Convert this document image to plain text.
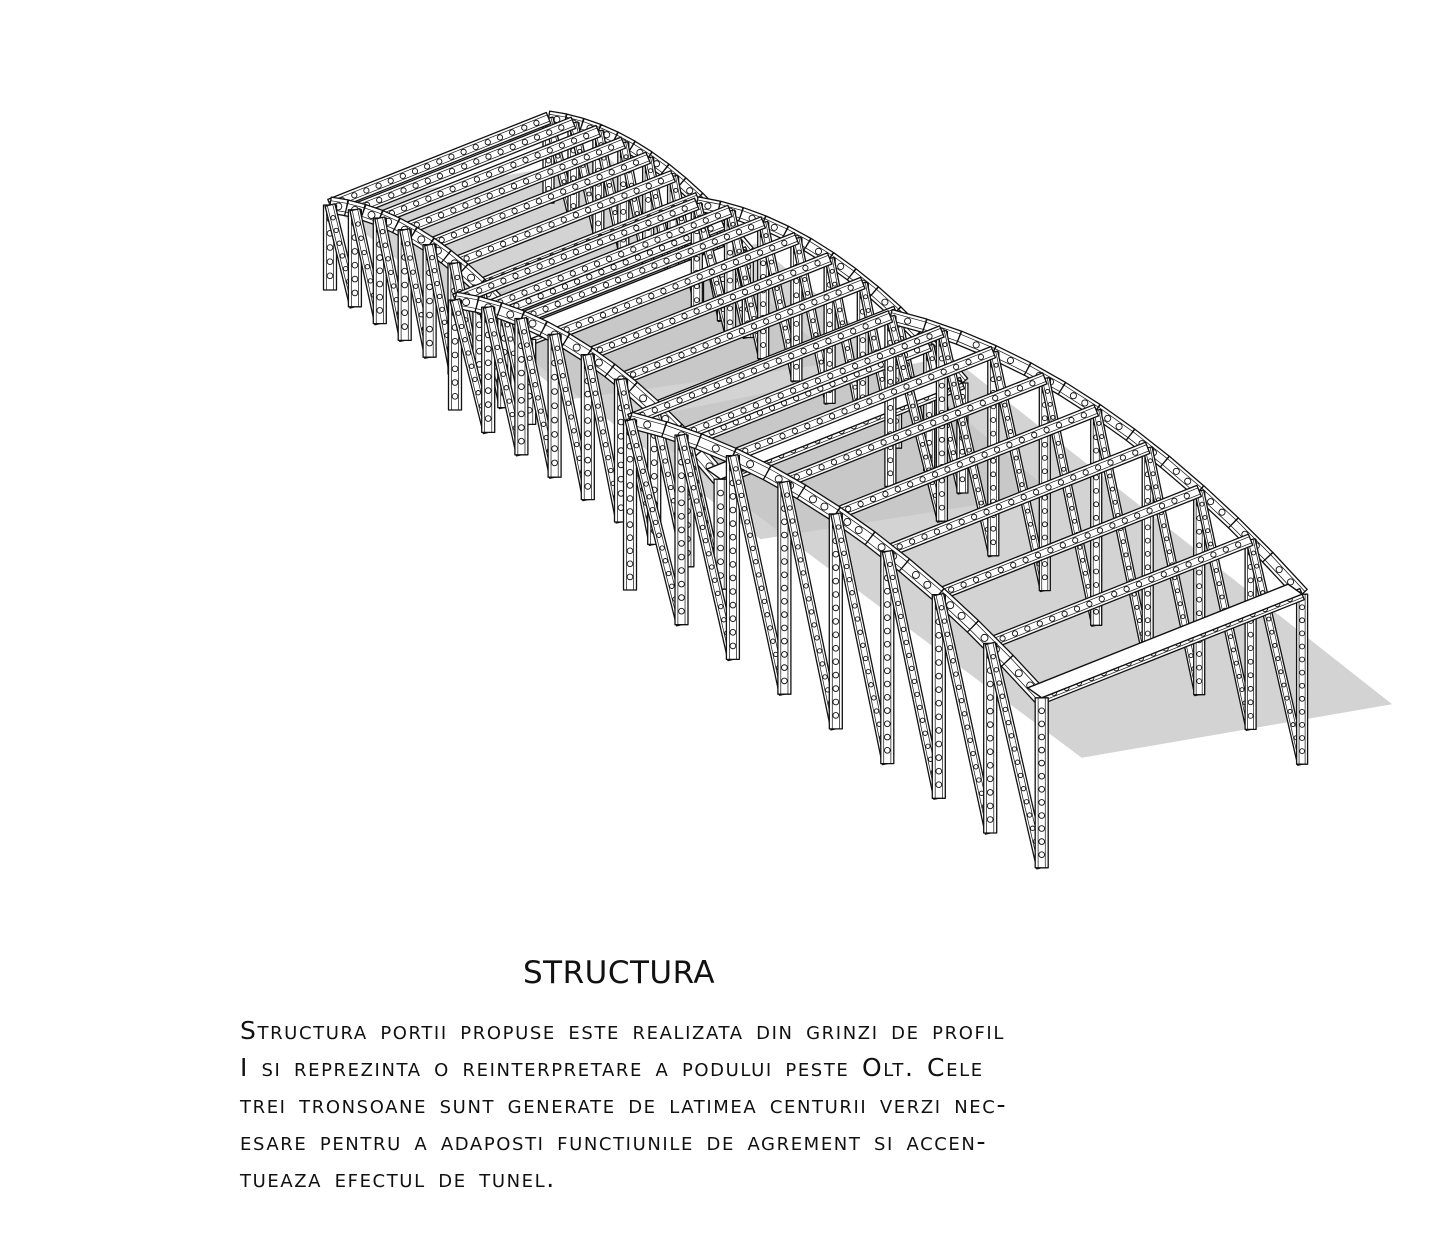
STRUCTURA

Structura portii propuse este realizata din grinzi de profil
I si reprezinta o reinterpretare a podului peste Olt. Cele
trei tronsoane sunt generate de latimea centurii verzi nec-
esare pentru a adaposti functiunile de agrement si accen-
tueaza efectul de tunel.
